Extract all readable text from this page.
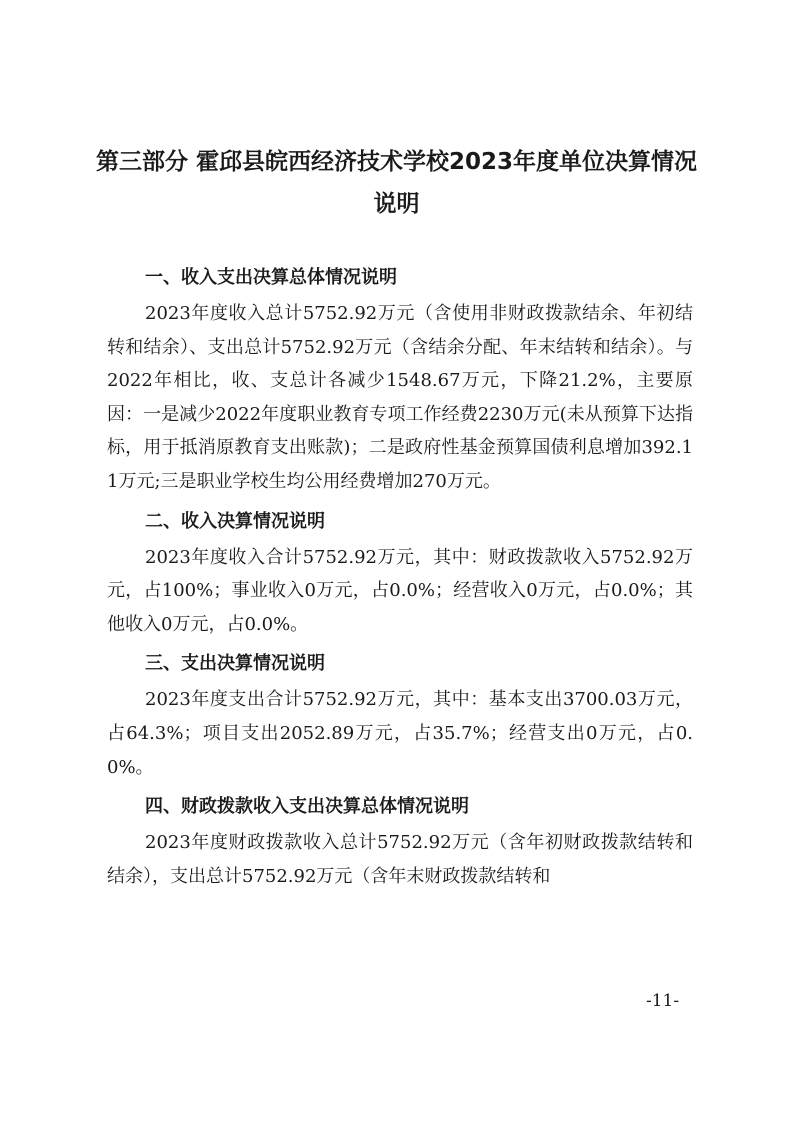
第三部分 霍邱县皖西经济技术学校2023年度单位决算情况说明
一、收入支出决算总体情况说明

2023年度收入总计5752.92万元（含使用非财政拨款结余、年初结转和结余）、支出总计5752.92万元（含结余分配、年末结转和结余）。与2022年相比，收、支总计各减少1548.67万元，下降21.2%，主要原因：一是减少2022年度职业教育专项工作经费2230万元(未从预算下达指标，用于抵消原教育支出账款)；二是政府性基金预算国债利息增加392.11万元;三是职业学校生均公用经费增加270万元。

二、收入决算情况说明

2023年度收入合计5752.92万元，其中：财政拨款收入5752.92万元，占100%；事业收入0万元，占0.0%；经营收入0万元，占0.0%；其他收入0万元，占0.0%。

三、支出决算情况说明

2023年度支出合计5752.92万元，其中：基本支出3700.03万元，占64.3%；项目支出2052.89万元，占35.7%；经营支出0万元，占0.0%。

四、财政拨款收入支出决算总体情况说明

2023年度财政拨款收入总计5752.92万元（含年初财政拨款结转和结余），支出总计5752.92万元（含年末财政拨款结转和

-11-
